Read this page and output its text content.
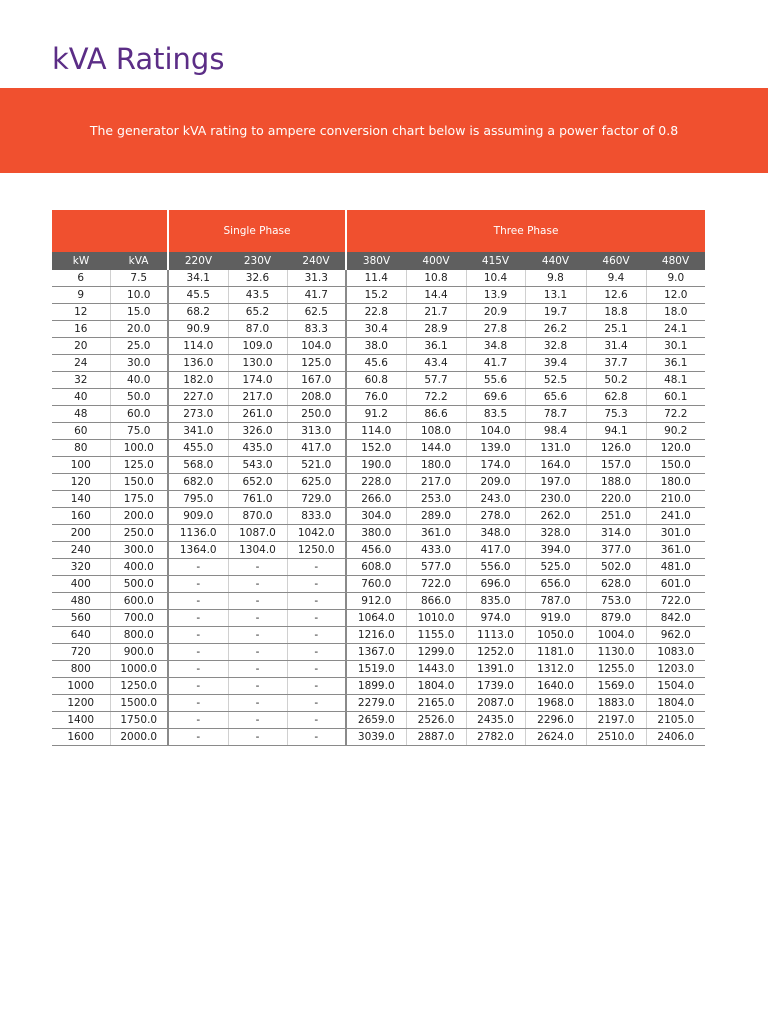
kVA Ratings
The generator kVA rating to ampere conversion chart below is assuming a power factor of 0.8
		Single Phase			Three Phase					
kW	kVA	220V	230V	240V	380V	400V	415V	440V	460V	480V
6	7.5	34.1	32.6	31.3	11.4	10.8	10.4	9.8	9.4	9.0
9	10.0	45.5	43.5	41.7	15.2	14.4	13.9	13.1	12.6	12.0
12	15.0	68.2	65.2	62.5	22.8	21.7	20.9	19.7	18.8	18.0
16	20.0	90.9	87.0	83.3	30.4	28.9	27.8	26.2	25.1	24.1
20	25.0	114.0	109.0	104.0	38.0	36.1	34.8	32.8	31.4	30.1
24	30.0	136.0	130.0	125.0	45.6	43.4	41.7	39.4	37.7	36.1
32	40.0	182.0	174.0	167.0	60.8	57.7	55.6	52.5	50.2	48.1
40	50.0	227.0	217.0	208.0	76.0	72.2	69.6	65.6	62.8	60.1
48	60.0	273.0	261.0	250.0	91.2	86.6	83.5	78.7	75.3	72.2
60	75.0	341.0	326.0	313.0	114.0	108.0	104.0	98.4	94.1	90.2
80	100.0	455.0	435.0	417.0	152.0	144.0	139.0	131.0	126.0	120.0
100	125.0	568.0	543.0	521.0	190.0	180.0	174.0	164.0	157.0	150.0
120	150.0	682.0	652.0	625.0	228.0	217.0	209.0	197.0	188.0	180.0
140	175.0	795.0	761.0	729.0	266.0	253.0	243.0	230.0	220.0	210.0
160	200.0	909.0	870.0	833.0	304.0	289.0	278.0	262.0	251.0	241.0
200	250.0	1136.0	1087.0	1042.0	380.0	361.0	348.0	328.0	314.0	301.0
240	300.0	1364.0	1304.0	1250.0	456.0	433.0	417.0	394.0	377.0	361.0
320	400.0	-	-	-	608.0	577.0	556.0	525.0	502.0	481.0
400	500.0	-	-	-	760.0	722.0	696.0	656.0	628.0	601.0
480	600.0	-	-	-	912.0	866.0	835.0	787.0	753.0	722.0
560	700.0	-	-	-	1064.0	1010.0	974.0	919.0	879.0	842.0
640	800.0	-	-	-	1216.0	1155.0	1113.0	1050.0	1004.0	962.0
720	900.0	-	-	-	1367.0	1299.0	1252.0	1181.0	1130.0	1083.0
800	1000.0	-	-	-	1519.0	1443.0	1391.0	1312.0	1255.0	1203.0
1000	1250.0	-	-	-	1899.0	1804.0	1739.0	1640.0	1569.0	1504.0
1200	1500.0	-	-	-	2279.0	2165.0	2087.0	1968.0	1883.0	1804.0
1400	1750.0	-	-	-	2659.0	2526.0	2435.0	2296.0	2197.0	2105.0
1600	2000.0	-	-	-	3039.0	2887.0	2782.0	2624.0	2510.0	2406.0
